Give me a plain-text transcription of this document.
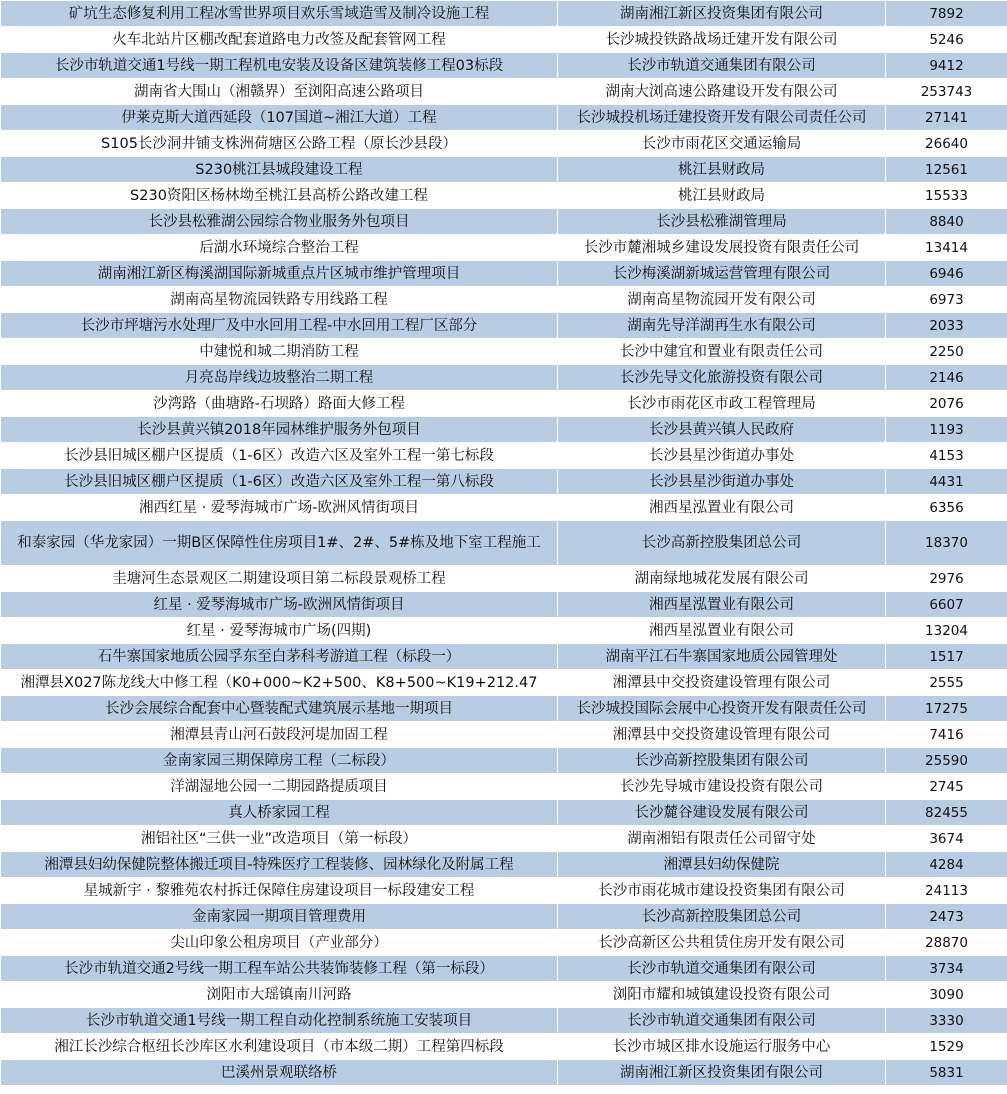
矿坑生态修复利用工程冰雪世界项目欢乐雪域造雪及制冷设施工程	湖南湘江新区投资集团有限公司	7892
火车北站片区棚改配套道路电力改签及配套管网工程	长沙城投铁路战场迁建开发有限公司	5246
长沙市轨道交通1号线一期工程机电安装及设备区建筑装修工程03标段	长沙市轨道交通集团有限公司	9412
湖南省大围山（湘赣界）至浏阳高速公路项目	湖南大浏高速公路建设开发有限公司	253743
伊莱克斯大道西延段（107国道~湘江大道）工程	长沙城投机场迁建投资开发有限公司责任公司	27141
S105长沙洞井铺支株洲荷塘区公路工程（原长沙县段）	长沙市雨花区交通运输局	26640
S230桃江县城段建设工程	桃江县财政局	12561
S230资阳区杨林坳至桃江县高桥公路改建工程	桃江县财政局	15533
长沙县松雅湖公园综合物业服务外包项目	长沙县松雅湖管理局	8840
后湖水环境综合整治工程	长沙市麓湘城乡建设发展投资有限责任公司	13414
湖南湘江新区梅溪湖国际新城重点片区城市维护管理项目	长沙梅溪湖新城运营管理有限公司	6946
湖南高星物流园铁路专用线路工程	湖南高星物流园开发有限公司	6973
长沙市坪塘污水处理厂及中水回用工程-中水回用工程厂区部分	湖南先导洋湖再生水有限公司	2033
中建悦和城二期消防工程	长沙中建宜和置业有限责任公司	2250
月亮岛岸线边坡整治二期工程	长沙先导文化旅游投资有限公司	2146
沙湾路（曲塘路-石坝路）路面大修工程	长沙市雨花区市政工程管理局	2076
长沙县黄兴镇2018年园林维护服务外包项目	长沙县黄兴镇人民政府	1193
长沙县旧城区棚户区提质（1-6区）改造六区及室外工程一第七标段	长沙县星沙街道办事处	4153
长沙县旧城区棚户区提质（1-6区）改造六区及室外工程一第八标段	长沙县星沙街道办事处	4431
湘西红星 · 爱琴海城市广场-欧洲风情街项目	湘西星泓置业有限公司	6356
和泰家园（华龙家园）一期B区保障性住房项目1#、2#、5#栋及地下室工程施工	长沙高新控股集团总公司	18370
圭塘河生态景观区二期建设项目第二标段景观桥工程	湖南绿地城花发展有限公司	2976
红星 · 爱琴海城市广场-欧洲风情街项目	湘西星泓置业有限公司	6607
红星 · 爱琴海城市广场(四期)	湘西星泓置业有限公司	13204
石牛寨国家地质公园孚东至白茅科考游道工程（标段一）	湖南平江石牛寨国家地质公园管理处	1517
湘潭县X027陈龙线大中修工程（K0+000~K2+500、K8+500~K19+212.47	湘潭县中交投资建设管理有限公司	2555
长沙会展综合配套中心暨装配式建筑展示基地一期项目	长沙城投国际会展中心投资开发有限责任公司	17275
湘潭县青山河石鼓段河堤加固工程	湘潭县中交投资建设管理有限公司	7416
金南家园三期保障房工程（二标段）	长沙高新控股集团有限公司	25590
洋湖湿地公园一二期园路提质项目	长沙先导城市建设投资有限公司	2745
真人桥家园工程	长沙麓谷建设发展有限公司	82455
湘铝社区“三供一业”改造项目（第一标段）	湖南湘铝有限责任公司留守处	3674
湘潭县妇幼保健院整体搬迁项目-特殊医疗工程装修、园林绿化及附属工程	湘潭县妇幼保健院	4284
星城新宇 · 黎雅苑农村拆迁保障住房建设项目一标段建安工程	长沙市雨花城市建设投资集团有限公司	24113
金南家园一期项目管理费用	长沙高新控股集团总公司	2473
尖山印象公租房项目（产业部分）	长沙高新区公共租赁住房开发有限公司	28870
长沙市轨道交通2号线一期工程车站公共装饰装修工程（第一标段）	长沙市轨道交通集团有限公司	3734
浏阳市大瑶镇南川河路	浏阳市耀和城镇建设投资有限公司	3090
长沙市轨道交通1号线一期工程自动化控制系统施工安装项目	长沙市轨道交通集团有限公司	3330
湘江长沙综合枢纽长沙库区水利建设项目（市本级二期）工程第四标段	长沙市城区排水设施运行服务中心	1529
巴溪州景观联络桥	湖南湘江新区投资集团有限公司	5831
